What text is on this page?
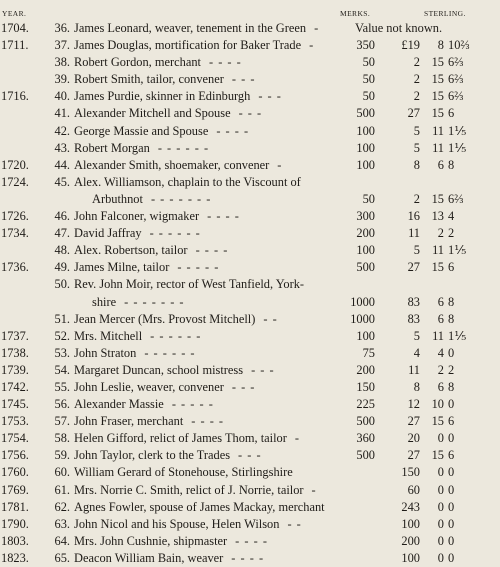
YEAR.	MERKS.	STERLING.
1704.	36. James Leonard, weaver, tenement in the Green	Value not known.
-
1711.	37. James Douglas, mortification for Baker Trade	350	£19	8 10⅔
-
38. Robert Gordon, merchant	50	2 15 6⅔
- - - -
39. Robert Smith, tailor, convener	50	2 15 6⅔
- - -
1716.	40. James Purdie, skinner in Edinburgh	50	2 15 6⅔
- - -
41. Alexander Mitchell and Spouse	500	27 15 6
- - -
42. George Massie and Spouse	100	5 11 1⅕
- - - -
43. Robert Morgan	100	5 11 1⅕
- - - - - -
1720.	44. Alexander Smith, shoemaker, convener	100	8	6 8
-
1724.	45. Alex. Williamson, chaplain to the Viscount of
Arbuthnot	50	2 15 6⅔
- - - - - - -
1726.	46. John Falconer, wigmaker	300	16 13 4
- - - -
1734.	47. David Jaffray	200	11	2 2
- - - - - -
48. Alex. Robertson, tailor	100	5 11 1⅕
- - - -
1736.	49. James Milne, tailor	500	27 15 6
- - - - -
50. Rev. John Moir, rector of West Tanfield, York-
shire	1000	83	6 8
- - - - - - -
51. Jean Mercer (Mrs. Provost Mitchell)	1000	83	6 8
- -
1737.	52. Mrs. Mitchell	100	5 11 1⅕
- - - - - -
1738.	53. John Straton	75	4	4 0
- - - - - -
1739.	54. Margaret Duncan, school mistress	200	11	2 2
- - -
1742.	55. John Leslie, weaver, convener	150	8	6 8
- - -
1745.	56. Alexander Massie	225	12 10 0
- - - - -
1753.	57. John Fraser, merchant	500	27 15 6
- - - -
1754.	58. Helen Gifford, relict of James Thom, tailor	360	20	0 0
-
1756.	59. John Taylor, clerk to the Trades	500	27 15 6
- - -
1760.	60. William Gerard of Stonehouse, Stirlingshire	150	0 0
1769.	61. Mrs. Norrie C. Smith, relict of J. Norrie, tailor	60	0 0
-
1781.	62. Agnes Fowler, spouse of James Mackay, merchant	243	0 0
1790.	63. John Nicol and his Spouse, Helen Wilson	100	0 0
- -
1803.	64. Mrs. John Cushnie, shipmaster	200	0 0
- - - -
1823.	65. Deacon William Bain, weaver	100	0 0
- - - -
